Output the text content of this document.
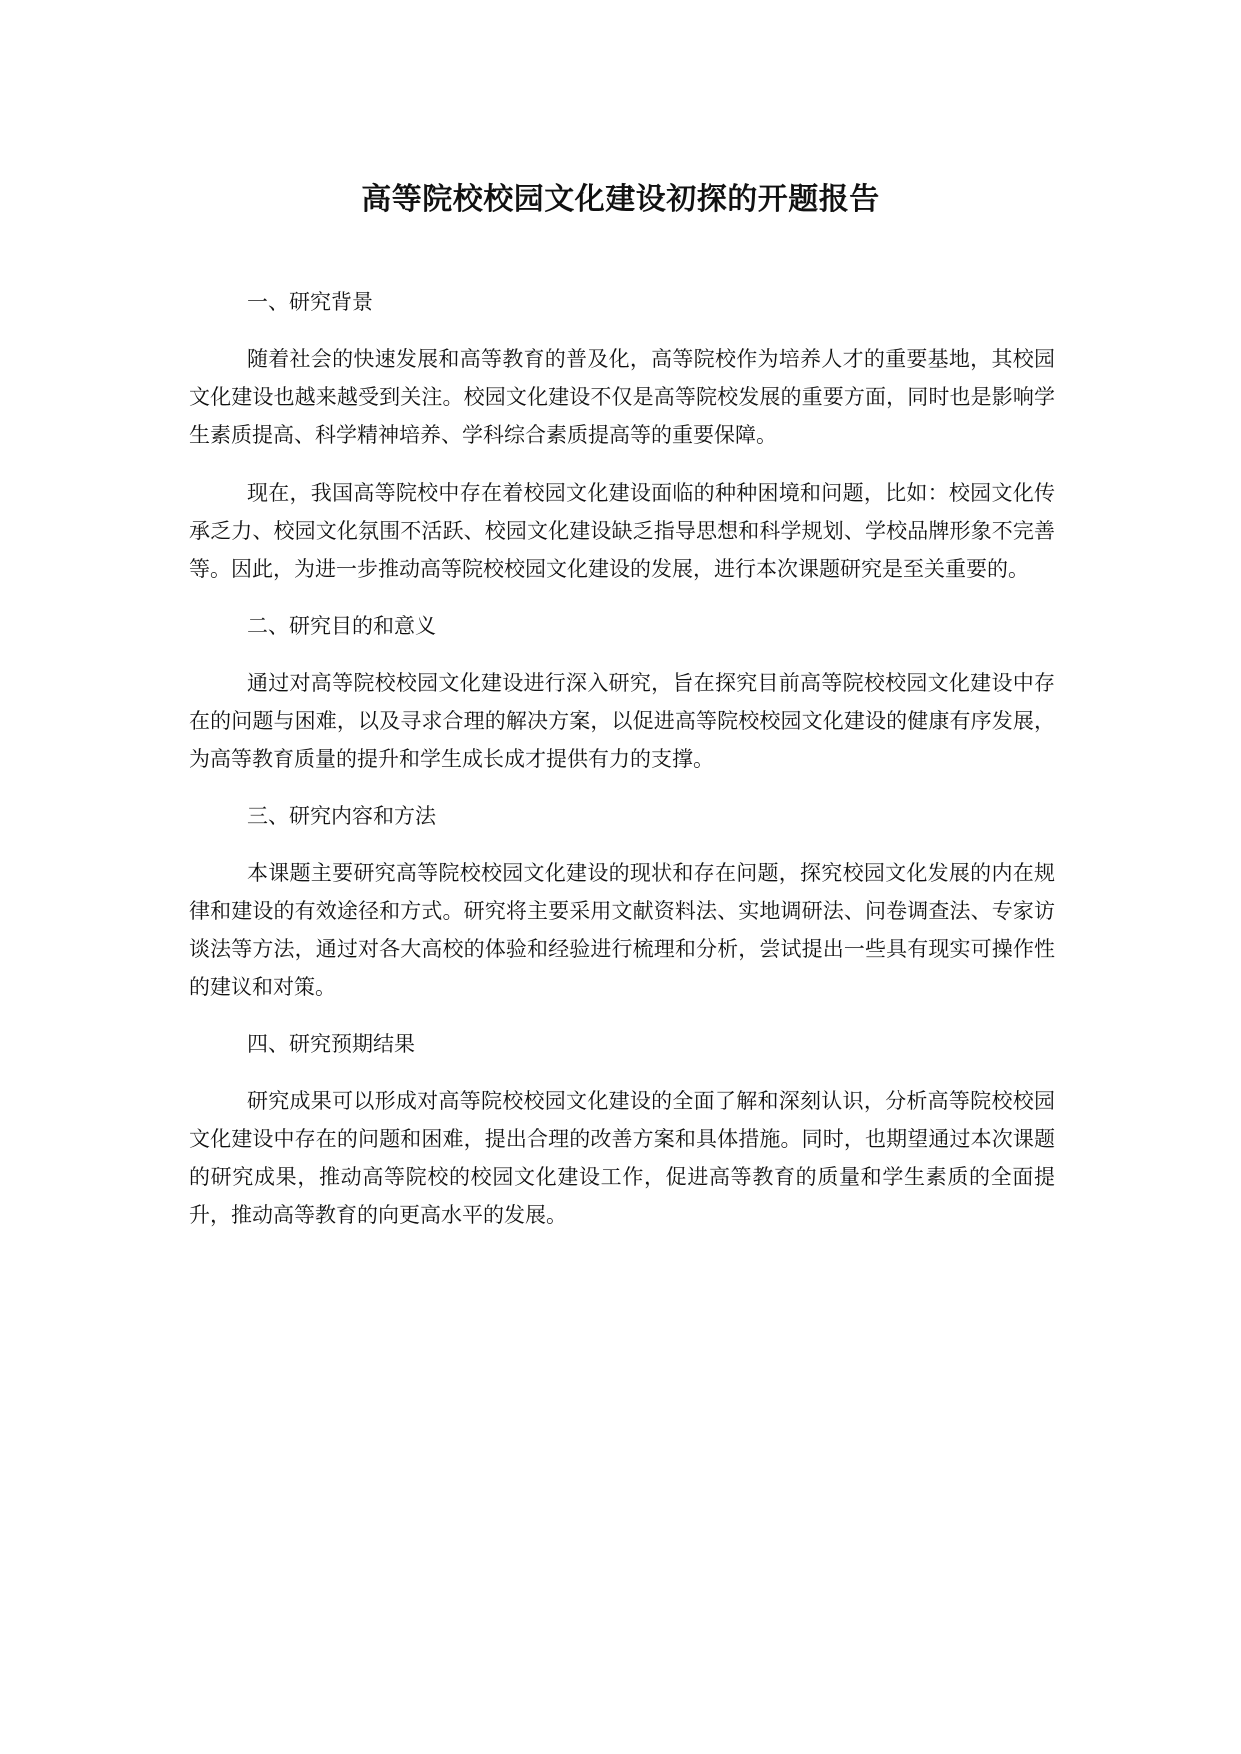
高等院校校园文化建设初探的开题报告
一、研究背景

随着社会的快速发展和高等教育的普及化，高等院校作为培养人才的重要基地，其校园文化建设也越来越受到关注。校园文化建设不仅是高等院校发展的重要方面，同时也是影响学生素质提高、科学精神培养、学科综合素质提高等的重要保障。

现在，我国高等院校中存在着校园文化建设面临的种种困境和问题，比如：校园文化传承乏力、校园文化氛围不活跃、校园文化建设缺乏指导思想和科学规划、学校品牌形象不完善等。因此，为进一步推动高等院校校园文化建设的发展，进行本次课题研究是至关重要的。

二、研究目的和意义

通过对高等院校校园文化建设进行深入研究，旨在探究目前高等院校校园文化建设中存在的问题与困难，以及寻求合理的解决方案，以促进高等院校校园文化建设的健康有序发展，为高等教育质量的提升和学生成长成才提供有力的支撑。

三、研究内容和方法

本课题主要研究高等院校校园文化建设的现状和存在问题，探究校园文化发展的内在规律和建设的有效途径和方式。研究将主要采用文献资料法、实地调研法、问卷调查法、专家访谈法等方法，通过对各大高校的体验和经验进行梳理和分析，尝试提出一些具有现实可操作性的建议和对策。

四、研究预期结果

研究成果可以形成对高等院校校园文化建设的全面了解和深刻认识，分析高等院校校园文化建设中存在的问题和困难，提出合理的改善方案和具体措施。同时，也期望通过本次课题的研究成果，推动高等院校的校园文化建设工作，促进高等教育的质量和学生素质的全面提升，推动高等教育的向更高水平的发展。
